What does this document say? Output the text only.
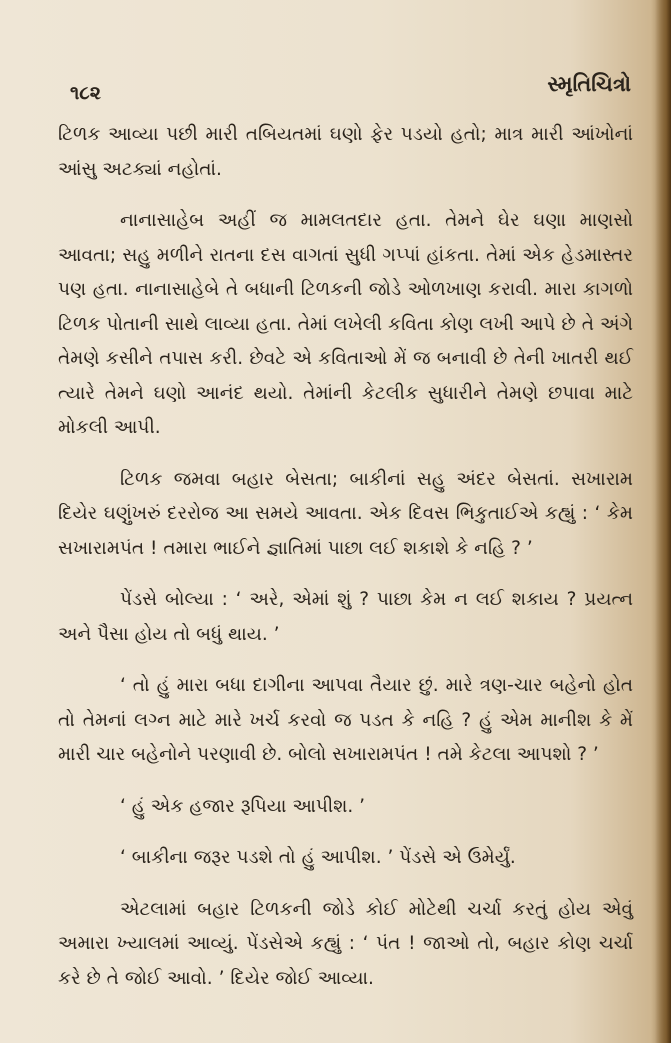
૧૮૨	સ્મૃતિચિત્રો

ટિળક આવ્યા પછી મારી તબિયતમાં ઘણો ફેર પડયો હતો; માત્ર મારી આંખોનાં આંસુ અટક્યાં નહોતાં.

નાનાસાહેબ અહીં જ મામલતદાર હતા. તેમને ઘેર ઘણા માણસો આવતા; સહુ મળીને રાતના દસ વાગતાં સુધી ગપ્પાં હાંકતા. તેમાં એક હેડમાસ્તર પણ હતા. નાનાસાહેબે તે બધાની ટિળકની જોડે ઓળખાણ કરાવી. મારા કાગળો ટિળક પોતાની સાથે લાવ્યા હતા. તેમાં લખેલી કવિતા કોણ લખી આપે છે તે અંગે તેમણે કસીને તપાસ કરી. છેવટે એ કવિતાઓ મેં જ બનાવી છે તેની ખાતરી થઈ ત્યારે તેમને ઘણો આનંદ થયો. તેમાંની કેટલીક સુધારીને તેમણે છપાવા માટે મોકલી આપી.

ટિળક જમવા બહાર બેસતા; બાકીનાં સહુ અંદર બેસતાં. સખારામ દિયેર ઘણુંખરું દરરોજ આ સમયે આવતા. એક દિવસ ભિકુતાઈએ કહ્યું : ‘ કેમ સખારામપંત ! તમારા ભાઈને જ્ઞાતિમાં પાછા લઈ શકાશે કે નહિ ? ’

પેંડસે બોલ્યા : ‘ અરે, એમાં શું ? પાછા કેમ ન લઈ શકાય ? પ્રયત્ન અને પૈસા હોય તો બધું થાય. ’

‘ તો હું મારા બધા દાગીના આપવા તૈયાર છું. મારે ત્રણ-ચાર બહેનો હોત તો તેમનાં લગ્ન માટે મારે ખર્ચ કરવો જ પડત કે નહિ ? હું એમ માનીશ કે મેં મારી ચાર બહેનોને પરણાવી છે. બોલો સખારામપંત ! તમે કેટલા આપશો ? ’

‘ હું એક હજાર રૂપિયા આપીશ. ’

‘ બાકીના જરૂર પડશે તો હું આપીશ. ’ પેંડસે એ ઉમેર્યું.

એટલામાં બહાર ટિળકની જોડે કોઈ મોટેથી ચર્ચા કરતું હોય એવું અમારા ખ્યાલમાં આવ્યું. પેંડસેએ કહ્યું : ‘ પંત ! જાઓ તો, બહાર કોણ ચર્ચા કરે છે તે જોઈ આવો. ’ દિયેર જોઈ આવ્યા.
